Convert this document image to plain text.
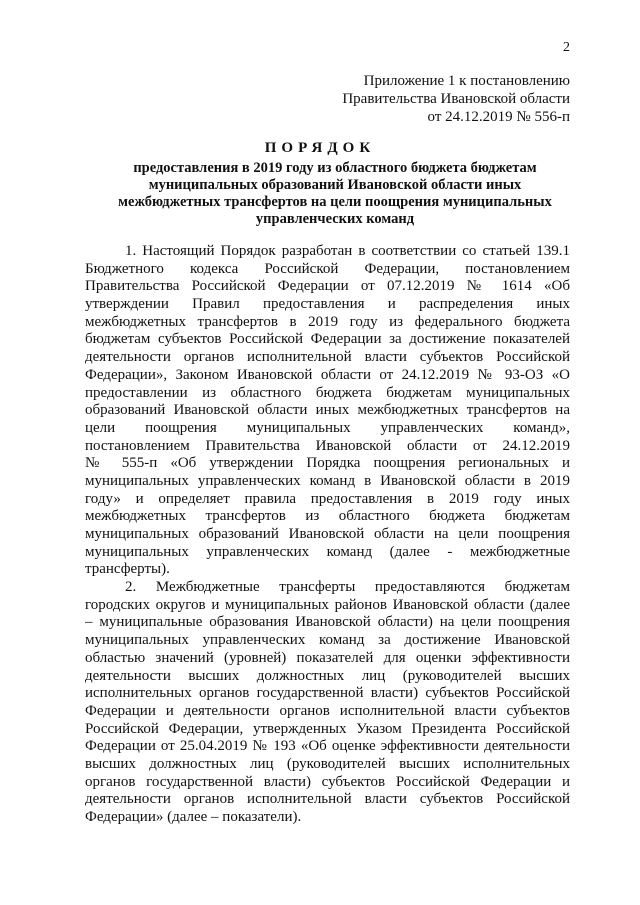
2
Приложение 1 к постановлению
Правительства Ивановской области
от 24.12.2019 № 556-п
ПОРЯДОК
предоставления в 2019 году из областного бюджета бюджетам
муниципальных образований Ивановской области иных
межбюджетных трансфертов на цели поощрения муниципальных
управленческих команд
1. Настоящий Порядок разработан в соответствии со статьей 139.1
Бюджетного кодекса Российской Федерации, постановлением
Правительства Российской Федерации от 07.12.2019 № 1614 «Об
утверждении Правил предоставления и распределения иных
межбюджетных трансфертов в 2019 году из федерального бюджета
бюджетам субъектов Российской Федерации за достижение показателей
деятельности органов исполнительной власти субъектов Российской
Федерации», Законом Ивановской области от 24.12.2019 № 93-ОЗ «О
предоставлении из областного бюджета бюджетам муниципальных
образований Ивановской области иных межбюджетных трансфертов на
цели поощрения муниципальных управленческих команд»,
постановлением Правительства Ивановской области от 24.12.2019
№ 555-п «Об утверждении Порядка поощрения региональных и
муниципальных управленческих команд в Ивановской области в 2019
году» и определяет правила предоставления в 2019 году иных
межбюджетных трансфертов из областного бюджета бюджетам
муниципальных образований Ивановской области на цели поощрения
муниципальных управленческих команд (далее - межбюджетные
трансферты).
2. Межбюджетные трансферты предоставляются бюджетам
городских округов и муниципальных районов Ивановской области (далее
– муниципальные образования Ивановской области) на цели поощрения
муниципальных управленческих команд за достижение Ивановской
областью значений (уровней) показателей для оценки эффективности
деятельности высших должностных лиц (руководителей высших
исполнительных органов государственной власти) субъектов Российской
Федерации и деятельности органов исполнительной власти субъектов
Российской Федерации, утвержденных Указом Президента Российской
Федерации от 25.04.2019 № 193 «Об оценке эффективности деятельности
высших должностных лиц (руководителей высших исполнительных
органов государственной власти) субъектов Российской Федерации и
деятельности органов исполнительной власти субъектов Российской
Федерации» (далее – показатели).
